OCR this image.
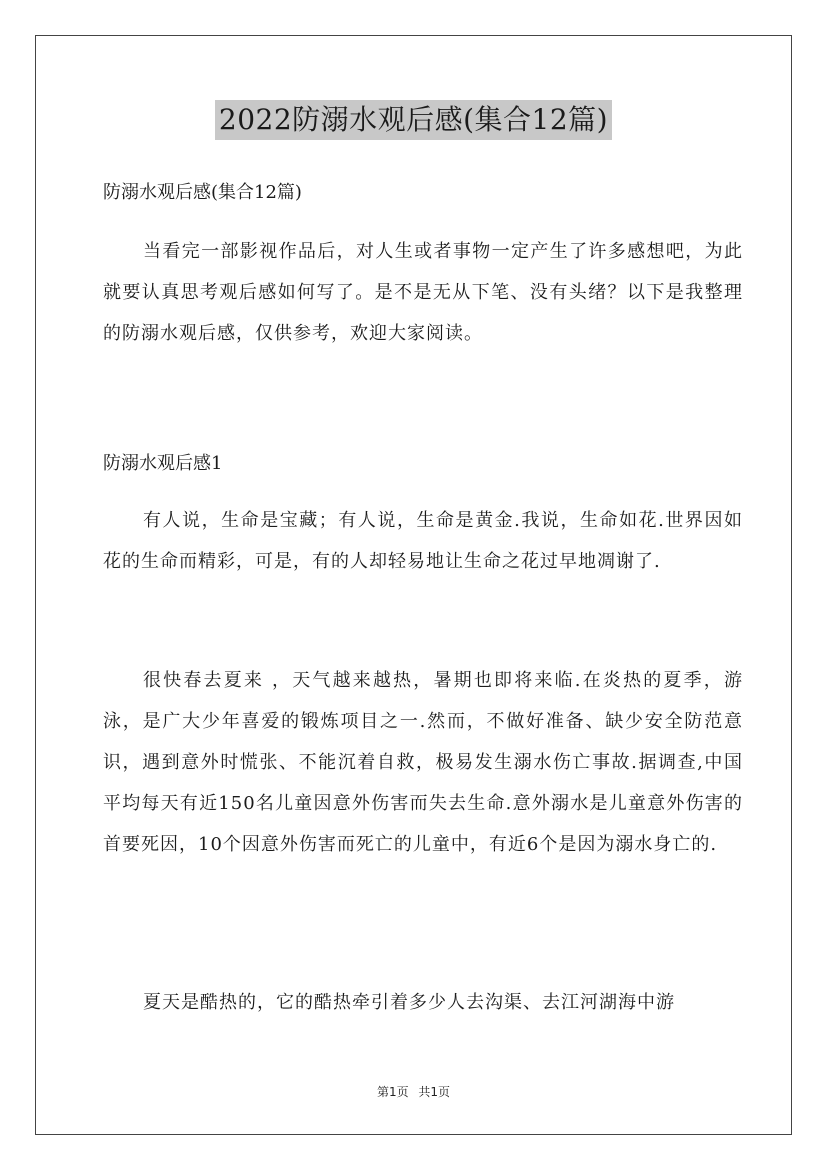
2022防溺水观后感(集合12篇)
防溺水观后感(集合12篇)

当看完一部影视作品后，对人生或者事物一定产生了许多感想吧，为此就要认真思考观后感如何写了。是不是无从下笔、没有头绪？以下是我整理的防溺水观后感，仅供参考，欢迎大家阅读。

防溺水观后感1

有人说，生命是宝藏；有人说，生命是黄金.我说，生命如花.世界因如花的生命而精彩，可是，有的人却轻易地让生命之花过早地凋谢了.

很快春去夏来 ，天气越来越热，暑期也即将来临.在炎热的夏季，游泳，是广大少年喜爱的锻炼项目之一.然而，不做好准备、缺少安全防范意识，遇到意外时慌张、不能沉着自救，极易发生溺水伤亡事故.据调查,中国平均每天有近150名儿童因意外伤害而失去生命.意外溺水是儿童意外伤害的首要死因，10个因意外伤害而死亡的儿童中，有近6个是因为溺水身亡的.

夏天是酷热的，它的酷热牵引着多少人去沟渠、去江河湖海中游

第1页 共1页
